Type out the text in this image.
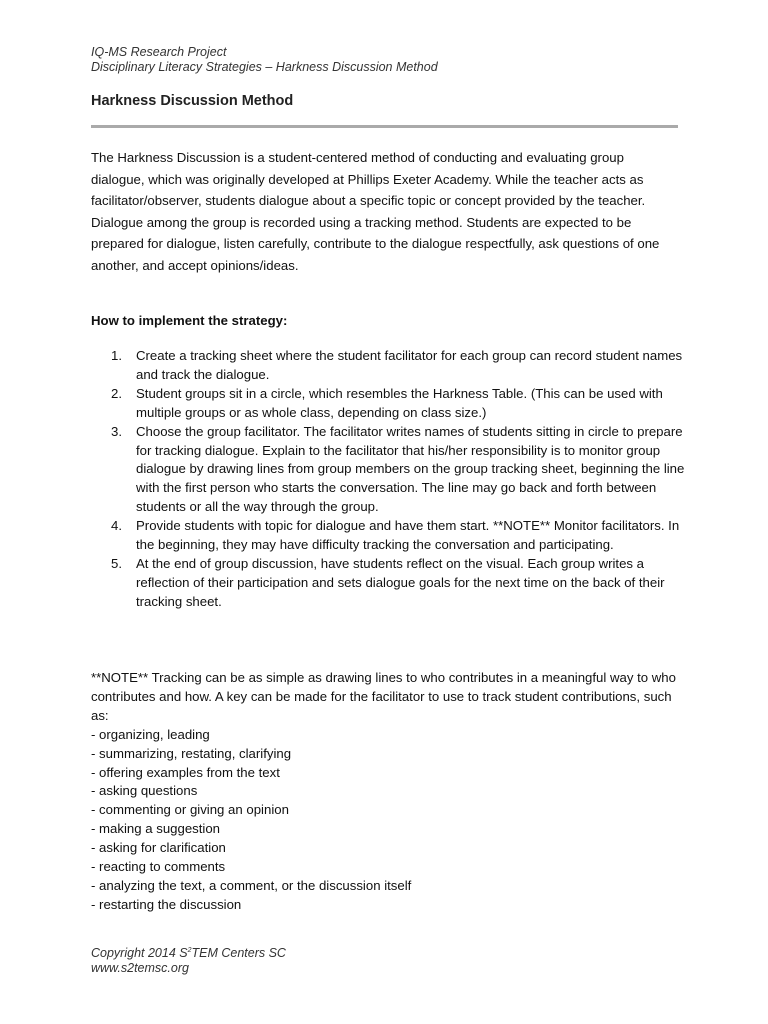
IQ-MS Research Project
Disciplinary Literacy Strategies – Harkness Discussion Method
Harkness Discussion Method

The Harkness Discussion is a student-centered method of conducting and evaluating group dialogue, which was originally developed at Phillips Exeter Academy. While the teacher acts as facilitator/observer, students dialogue about a specific topic or concept provided by the teacher. Dialogue among the group is recorded using a tracking method. Students are expected to be prepared for dialogue, listen carefully, contribute to the dialogue respectfully, ask questions of one another, and accept opinions/ideas.

How to implement the strategy:
1. Create a tracking sheet where the student facilitator for each group can record student names and track the dialogue.
2. Student groups sit in a circle, which resembles the Harkness Table. (This can be used with multiple groups or as whole class, depending on class size.)
3. Choose the group facilitator. The facilitator writes names of students sitting in circle to prepare for tracking dialogue. Explain to the facilitator that his/her responsibility is to monitor group dialogue by drawing lines from group members on the group tracking sheet, beginning the line with the first person who starts the conversation. The line may go back and forth between students or all the way through the group.
4. Provide students with topic for dialogue and have them start. **NOTE** Monitor facilitators. In the beginning, they may have difficulty tracking the conversation and participating.
5. At the end of group discussion, have students reflect on the visual. Each group writes a reflection of their participation and sets dialogue goals for the next time on the back of their tracking sheet.
**NOTE** Tracking can be as simple as drawing lines to who contributes in a meaningful way to who contributes and how. A key can be made for the facilitator to use to track student contributions, such as:
- organizing, leading
- summarizing, restating, clarifying
- offering examples from the text
- asking questions
- commenting or giving an opinion
- making a suggestion
- asking for clarification
- reacting to comments
- analyzing the text, a comment, or the discussion itself
- restarting the discussion
Copyright 2014 $S^2TEM$ Centers SC
www.s2temsc.org
